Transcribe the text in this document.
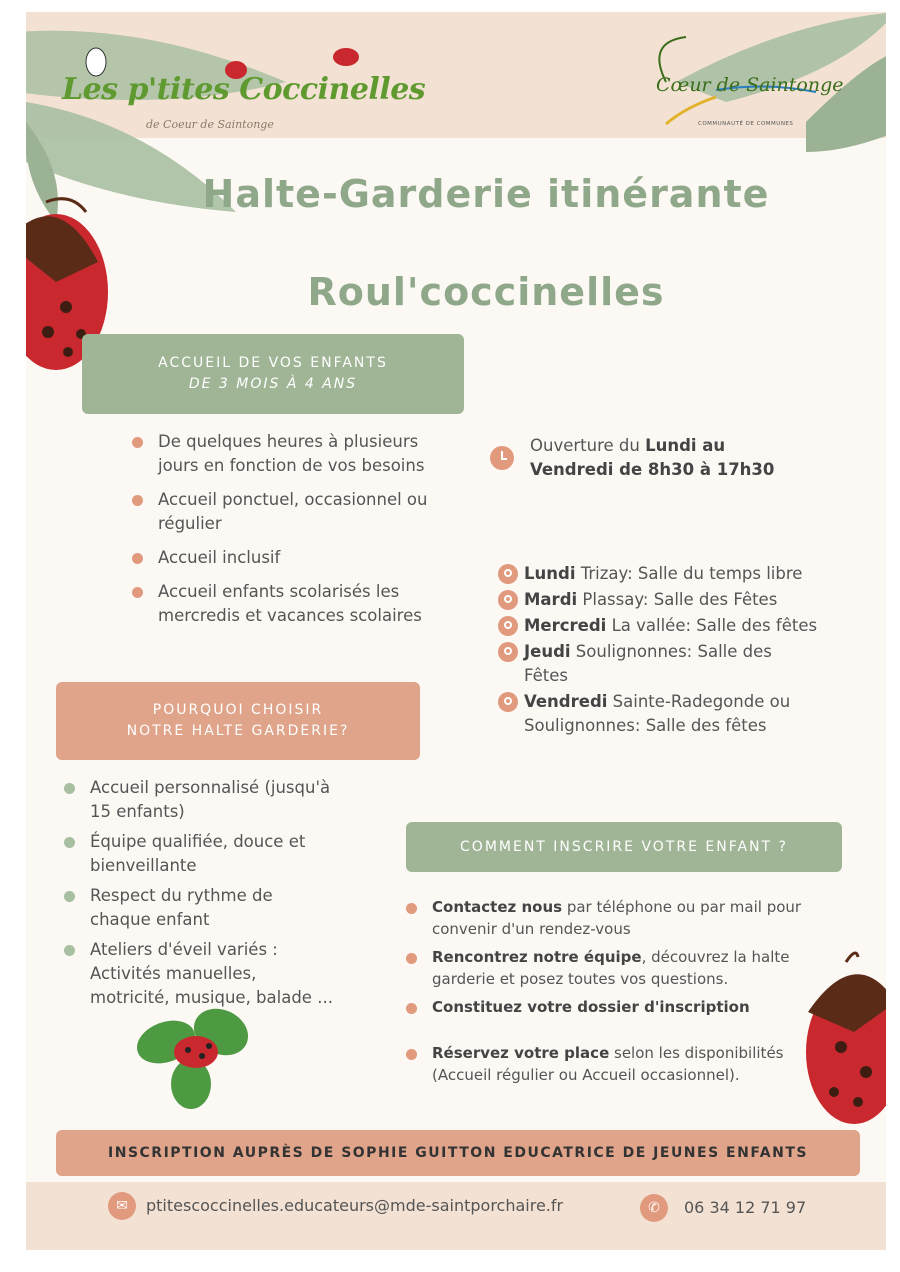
Les p'tites Coccinelles
de Coeur de Saintonge
Cœur de Saintonge
COMMUNAUTÉ DE COMMUNES
Halte-Garderie itinérante
Roul'coccinelles
ACCUEIL DE VOS ENFANTS
DE 3 MOIS À 4 ANS
De quelques heures à plusieurs jours en fonction de vos besoins
Accueil ponctuel, occasionnel ou régulier
Accueil inclusif
Accueil enfants scolarisés les mercredis et vacances scolaires
Ouverture du Lundi au
Vendredi de 8h30 à 17h30
Lundi Trizay: Salle du temps libre
Mardi Plassay: Salle des Fêtes
Mercredi La vallée: Salle des fêtes
Jeudi Soulignonnes: Salle des Fêtes
Vendredi Sainte-Radegonde ou Soulignonnes: Salle des fêtes
POURQUOI CHOISIR
NOTRE HALTE GARDERIE?
Accueil personnalisé (jusqu'à 15 enfants)
Équipe qualifiée, douce et bienveillante
Respect du rythme de chaque enfant
Ateliers d'éveil variés : Activités manuelles, motricité, musique, balade ...
COMMENT INSCRIRE VOTRE ENFANT ?
Contactez nous par téléphone ou par mail pour convenir d'un rendez-vous
Rencontrez notre équipe, découvrez la halte garderie et posez toutes vos questions.
Constituez votre dossier d'inscription
Réservez votre place selon les disponibilités (Accueil régulier ou Accueil occasionnel).
INSCRIPTION AUPRÈS DE SOPHIE GUITTON EDUCATRICE DE JEUNES ENFANTS
✉	ptitescoccinelles.educateurs@mde-saintporchaire.fr	✆	06 34 12 71 97
